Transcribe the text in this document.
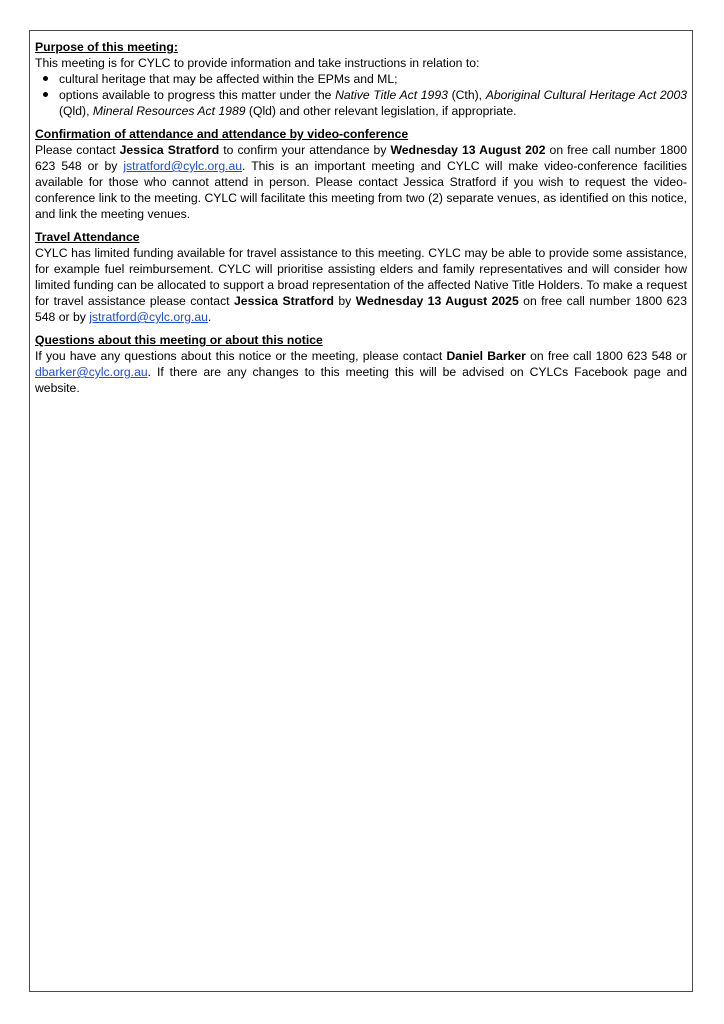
Purpose of this meeting:

This meeting is for CYLC to provide information and take instructions in relation to:

cultural heritage that may be affected within the EPMs and ML;
options available to progress this matter under the Native Title Act 1993 (Cth), Aboriginal Cultural Heritage Act 2003 (Qld), Mineral Resources Act 1989 (Qld) and other relevant legislation, if appropriate.

Confirmation of attendance and attendance by video-conference

Please contact Jessica Stratford to confirm your attendance by Wednesday 13 August 202 on free call number 1800 623 548 or by jstratford@cylc.org.au. This is an important meeting and CYLC will make video-conference facilities available for those who cannot attend in person. Please contact Jessica Stratford if you wish to request the video-conference link to the meeting. CYLC will facilitate this meeting from two (2) separate venues, as identified on this notice, and link the meeting venues.

Travel Attendance

CYLC has limited funding available for travel assistance to this meeting. CYLC may be able to provide some assistance, for example fuel reimbursement. CYLC will prioritise assisting elders and family representatives and will consider how limited funding can be allocated to support a broad representation of the affected Native Title Holders. To make a request for travel assistance please contact Jessica Stratford by Wednesday 13 August 2025 on free call number 1800 623 548 or by jstratford@cylc.org.au.

Questions about this meeting or about this notice

If you have any questions about this notice or the meeting, please contact Daniel Barker on free call 1800 623 548 or dbarker@cylc.org.au. If there are any changes to this meeting this will be advised on CYLCs Facebook page and website.
